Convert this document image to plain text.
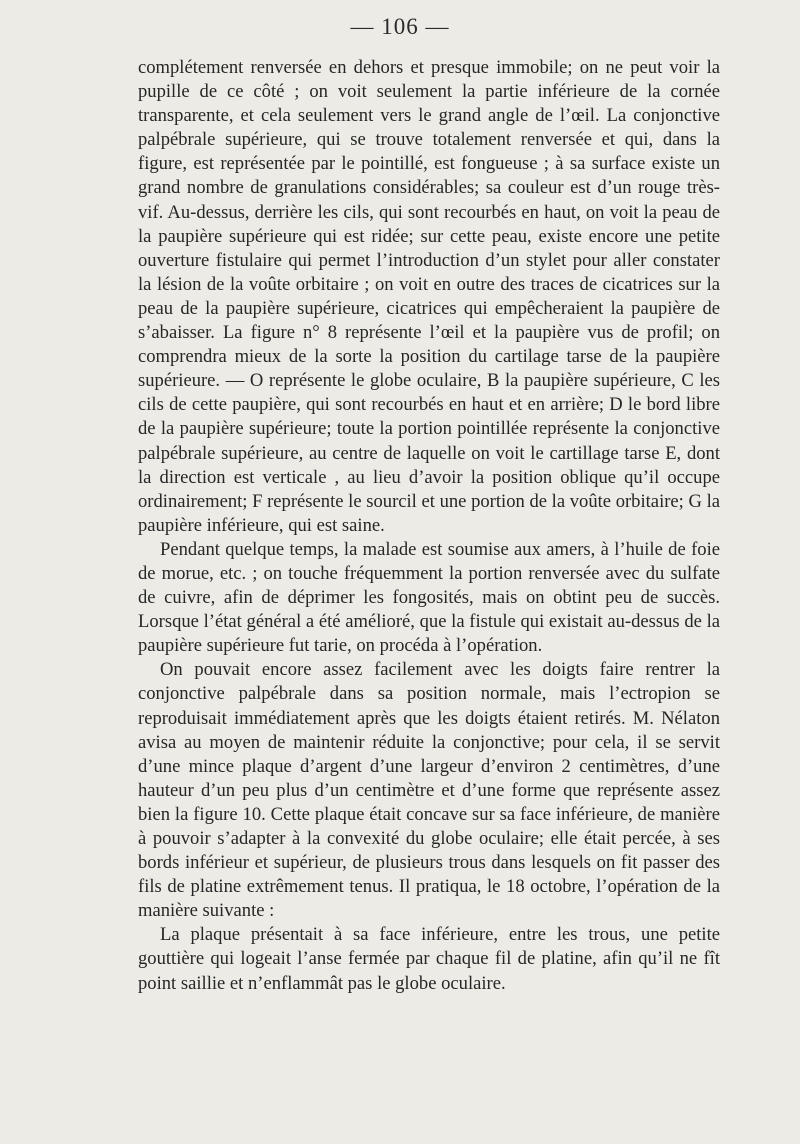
— 106 —

complétement renversée en dehors et presque immobile; on ne peut voir la pupille de ce côté ; on voit seulement la partie inférieure de la cornée transparente, et cela seulement vers le grand angle de l’œil. La conjonctive palpébrale supérieure, qui se trouve totalement renversée et qui, dans la figure, est représentée par le pointillé, est fongueuse ; à sa surface existe un grand nombre de granulations considérables; sa couleur est d’un rouge très-vif. Au-dessus, derrière les cils, qui sont recourbés en haut, on voit la peau de la paupière supérieure qui est ridée; sur cette peau, existe encore une petite ouverture fistulaire qui permet l’introduction d’un stylet pour aller constater la lésion de la voûte orbitaire ; on voit en outre des traces de cicatrices sur la peau de la paupière supérieure, cicatrices qui empêcheraient la paupière de s’abaisser. La figure n° 8 représente l’œil et la paupière vus de profil; on comprendra mieux de la sorte la position du cartilage tarse de la paupière supérieure. — O représente le globe oculaire, B la paupière supérieure, C les cils de cette paupière, qui sont recourbés en haut et en arrière; D le bord libre de la paupière supérieure; toute la portion pointillée représente la conjonctive palpébrale supérieure, au centre de laquelle on voit le cartillage tarse E, dont la direction est verticale , au lieu d’avoir la position oblique qu’il occupe ordinairement; F représente le sourcil et une portion de la voûte orbitaire; G la paupière inférieure, qui est saine.

Pendant quelque temps, la malade est soumise aux amers, à l’huile de foie de morue, etc. ; on touche fréquemment la portion renversée avec du sulfate de cuivre, afin de déprimer les fongosités, mais on obtint peu de succès. Lorsque l’état général a été amélioré, que la fistule qui existait au-dessus de la paupière supérieure fut tarie, on procéda à l’opération.

On pouvait encore assez facilement avec les doigts faire rentrer la conjonctive palpébrale dans sa position normale, mais l’ectropion se reproduisait immédiatement après que les doigts étaient retirés. M. Nélaton avisa au moyen de maintenir réduite la conjonctive; pour cela, il se servit d’une mince plaque d’argent d’une largeur d’environ 2 centimètres, d’une hauteur d’un peu plus d’un centimètre et d’une forme que représente assez bien la figure 10. Cette plaque était concave sur sa face inférieure, de manière à pouvoir s’adapter à la convexité du globe oculaire; elle était percée, à ses bords inférieur et supérieur, de plusieurs trous dans lesquels on fit passer des fils de platine extrêmement tenus. Il pratiqua, le 18 octobre, l’opération de la manière suivante :

La plaque présentait à sa face inférieure, entre les trous, une petite gouttière qui logeait l’anse fermée par chaque fil de platine, afin qu’il ne fît point saillie et n’enflammât pas le globe oculaire.
